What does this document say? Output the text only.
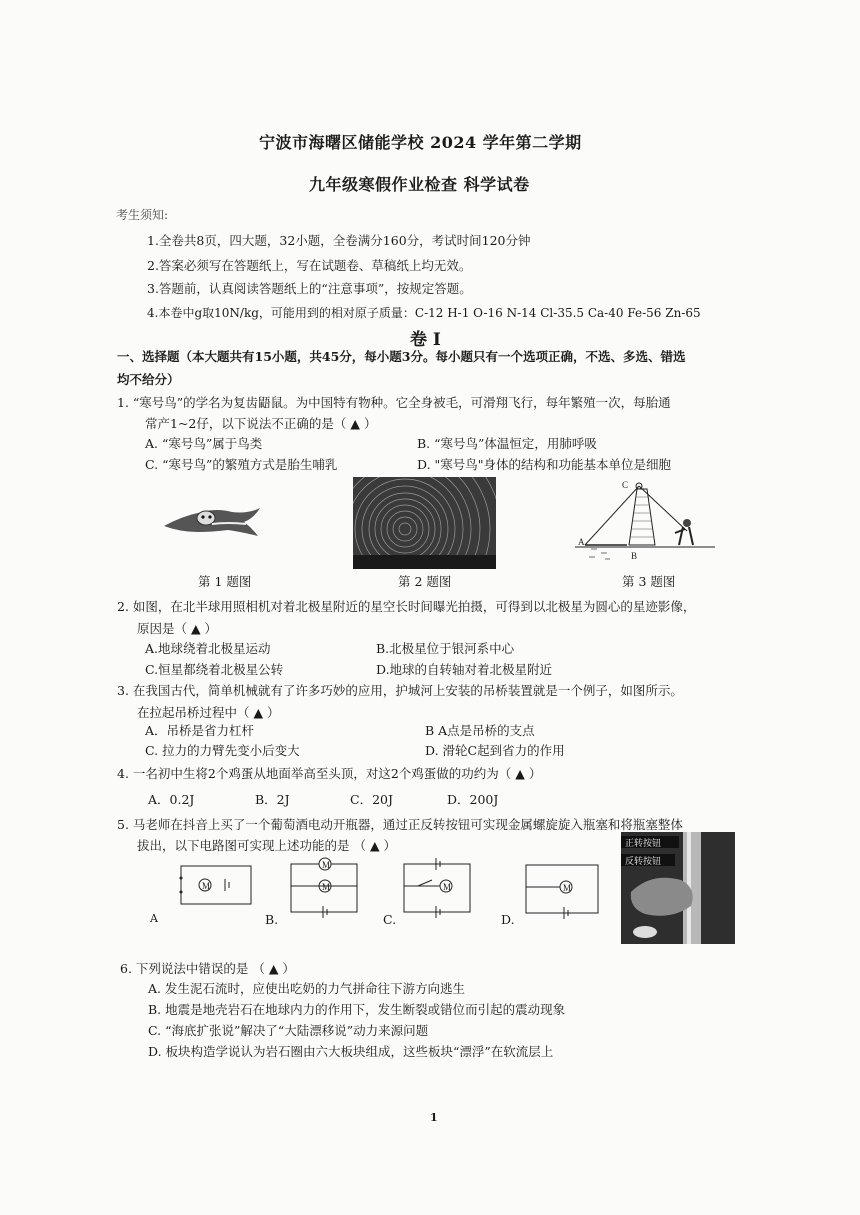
宁波市海曙区储能学校 2024 学年第二学期
九年级寒假作业检查 科学试卷
考生须知:
1.全卷共8页，四大题，32小题，全卷满分160分，考试时间120分钟
2.答案必须写在答题纸上，写在试题卷、草稿纸上均无效。
3.答题前，认真阅读答题纸上的“注意事项”，按规定答题。
4.本卷中g取10N/kg，可能用到的相对原子质量：C-12 H-1 O-16 N-14 Cl-35.5 Ca-40 Fe-56 Zn-65
卷 Ⅰ
一、选择题（本大题共有15小题，共45分，每小题3分。每小题只有一个选项正确，不选、多选、错选
均不给分）
1. “寒号鸟”的学名为复齿鼯鼠。为中国特有物种。它全身被毛，可滑翔飞行，每年繁殖一次，每胎通
常产1~2仔，以下说法不正确的是（ ▲ ）
A. “寒号鸟”属于鸟类	B. “寒号鸟”体温恒定，用肺呼吸
C. “寒号鸟”的繁殖方式是胎生哺乳	D. "寒号鸟"身体的结构和功能基本单位是细胞
第 1 题图	第 2 题图
A
B
C
第 3 题图
2. 如图，在北半球用照相机对着北极星附近的星空长时间曝光拍摄，可得到以北极星为圆心的星迹影像，
原因是（ ▲ ）
A.地球绕着北极星运动	B.北极星位于银河系中心
C.恒星都绕着北极星公转	D.地球的自转轴对着北极星附近
3. 在我国古代，简单机械就有了许多巧妙的应用，护城河上安装的吊桥装置就是一个例子，如图所示。
在拉起吊桥过程中（ ▲ ）
A．吊桥是省力杠杆	B A点是吊桥的支点
C. 拉力的力臂先变小后变大	D. 滑轮C起到省力的作用
4. 一名初中生将2个鸡蛋从地面举高至头顶，对这2个鸡蛋做的功约为（ ▲ ）
A．0.2J	B．2J	C．20J	D．200J
5. 马老师在抖音上买了一个葡萄酒电动开瓶器，通过正反转按钮可实现金属螺旋旋入瓶塞和将瓶塞整体
拔出，以下电路图可实现上述功能的是 （ ▲ ）
M
A
M
M
B.
M
C.
M
D.
正转按钮
反转按钮
6. 下列说法中错误的是 （ ▲ ）
A. 发生泥石流时，应使出吃奶的力气拼命往下游方向逃生
B. 地震是地壳岩石在地球内力的作用下，发生断裂或错位而引起的震动现象
C. “海底扩张说”解决了“大陆漂移说”动力来源问题
D. 板块构造学说认为岩石圈由六大板块组成，这些板块“漂浮”在软流层上
1
